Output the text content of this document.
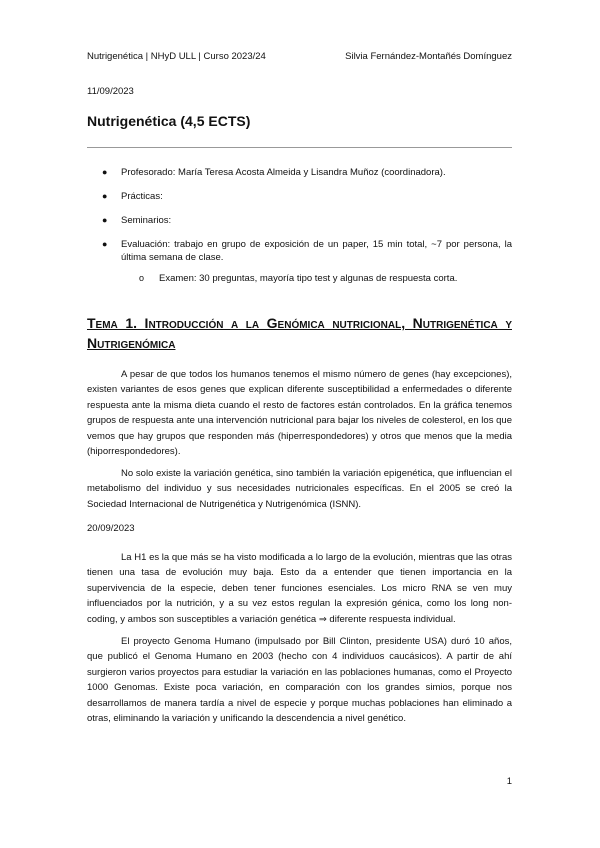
Nutrigenética | NHyD ULL | Curso 2023/24	Silvia Fernández-Montañés Domínguez
11/09/2023
Nutrigenética (4,5 ECTS)
●	Profesorado: María Teresa Acosta Almeida y Lisandra Muñoz (coordinadora).
●	Prácticas:
●	Seminarios:
●	Evaluación: trabajo en grupo de exposición de un paper, 15 min total, ~7 por persona, la última semana de clase.
o	Examen: 30 preguntas, mayoría tipo test y algunas de respuesta corta.
Tema 1. Introducción a la Genómica nutricional, Nutrigenética y Nutrigenómica

A pesar de que todos los humanos tenemos el mismo número de genes (hay excepciones), existen variantes de esos genes que explican diferente susceptibilidad a enfermedades o diferente respuesta ante la misma dieta cuando el resto de factores están controlados. En la gráfica tenemos grupos de respuesta ante una intervención nutricional para bajar los niveles de colesterol, en los que vemos que hay grupos que responden más (hiperrespondedores) y otros que menos que la media (hiporrespondedores).

No solo existe la variación genética, sino también la variación epigenética, que influencian el metabolismo del individuo y sus necesidades nutricionales específicas. En el 2005 se creó la Sociedad Internacional de Nutrigenética y Nutrigenómica (ISNN).

20/09/2023

La H1 es la que más se ha visto modificada a lo largo de la evolución, mientras que las otras tienen una tasa de evolución muy baja. Esto da a entender que tienen importancia en la supervivencia de la especie, deben tener funciones esenciales. Los micro RNA se ven muy influenciados por la nutrición, y a su vez estos regulan la expresión génica, como los long non-coding, y ambos son susceptibles a variación genética ⇒ diferente respuesta individual.

El proyecto Genoma Humano (impulsado por Bill Clinton, presidente USA) duró 10 años, que publicó el Genoma Humano en 2003 (hecho con 4 individuos caucásicos). A partir de ahí surgieron varios proyectos para estudiar la variación en las poblaciones humanas, como el Proyecto 1000 Genomas. Existe poca variación, en comparación con los grandes simios, porque nos desarrollamos de manera tardía a nivel de especie y porque muchas poblaciones han eliminado a otras, eliminando la variación y unificando la descendencia a nivel genético.

1
